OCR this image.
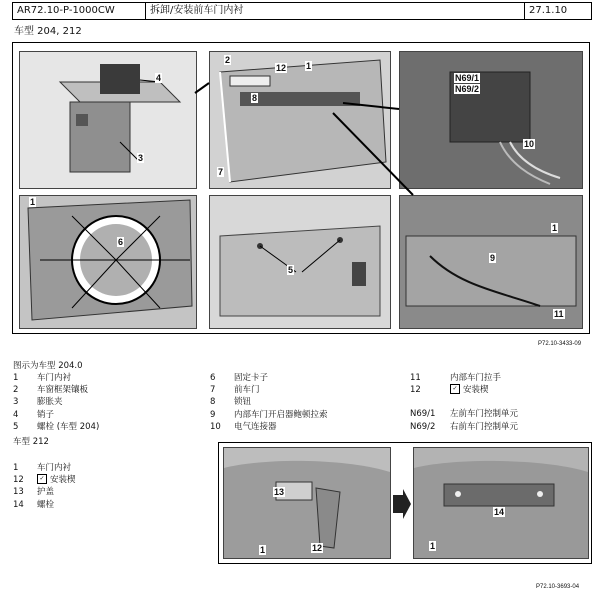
AR72.10-P-1000CW	拆卸/安装前车门内衬	27.1.10
车型 204, 212
4
3
2
12 1
8
7
N69/1
N69/2
10
1
6
5
1
9
11
P72.10-3433-09
图示为车型 204.0
1	车门内衬
2	车窗框架镶板
3	膨胀夹
4	销子
5	螺栓 (车型 204)
6	固定卡子
7	前车门
8	锁钮
9	内部车门开启器鲍顿拉索
10	电气连接器
11	内部车门拉手
12	✓ 安装楔
N69/1	左前车门控制单元
N69/2	右前车门控制单元
车型 212
1	车门内衬
12	✓ 安装楔
13	护盖
14	螺栓
13
1	12
14
1
P72.10-3693-04
